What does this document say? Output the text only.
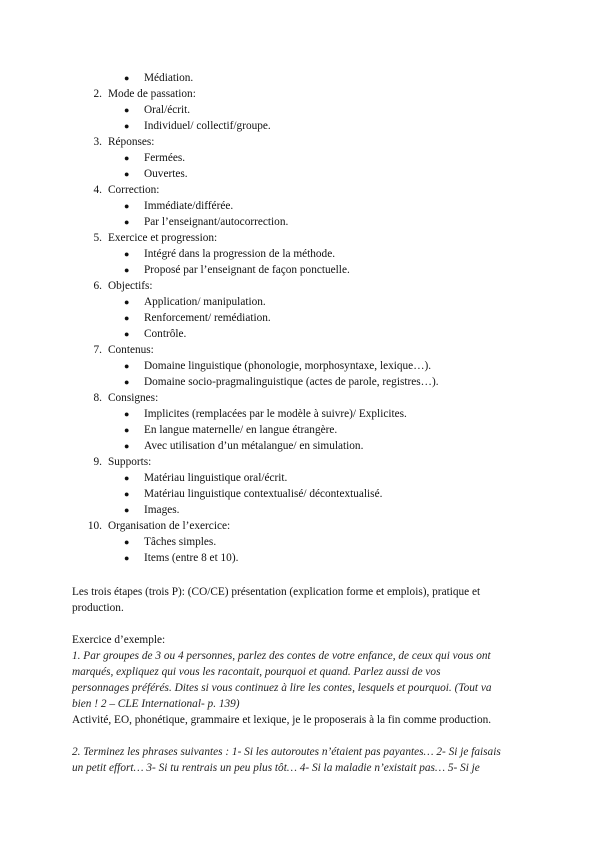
●	Médiation.
2. Mode de passation:
●	Oral/écrit.
●	Individuel/ collectif/groupe.
3. Réponses:
●	Fermées.
●	Ouvertes.
4. Correction:
●	Immédiate/différée.
●	Par l’enseignant/autocorrection.
5. Exercice et progression:
●	Intégré dans la progression de la méthode.
●	Proposé par l’enseignant de façon ponctuelle.
6. Objectifs:
●	Application/ manipulation.
●	Renforcement/ remédiation.
●	Contrôle.
7. Contenus:
●	Domaine linguistique (phonologie, morphosyntaxe, lexique…).
●	Domaine socio-pragmalinguistique (actes de parole, registres…).
8. Consignes:
●	Implicites (remplacées par le modèle à suivre)/ Explicites.
●	En langue maternelle/ en langue étrangère.
●	Avec utilisation d’un métalangue/ en simulation.
9. Supports:
●	Matériau linguistique oral/écrit.
●	Matériau linguistique contextualisé/ décontextualisé.
●	Images.
10. Organisation de l’exercice:
●	Tâches simples.
●	Items (entre 8 et 10).
Les trois étapes (trois P): (CO/CE) présentation (explication forme et emplois), pratique et
production.
Exercice d’exemple:
1. Par groupes de 3 ou 4 personnes, parlez des contes de votre enfance, de ceux qui vous ont
marqués, expliquez qui vous les racontait, pourquoi et quand. Parlez aussi de vos
personnages préférés. Dites si vous continuez à lire les contes, lesquels et pourquoi. (Tout va
bien ! 2 – CLE International- p. 139)
Activité, EO, phonétique, grammaire et lexique, je le proposerais à la fin comme production.
2. Terminez les phrases suivantes : 1- Si les autoroutes n’étaient pas payantes… 2- Si je faisais
un petit effort… 3- Si tu rentrais un peu plus tôt… 4- Si la maladie n’existait pas… 5- Si je
